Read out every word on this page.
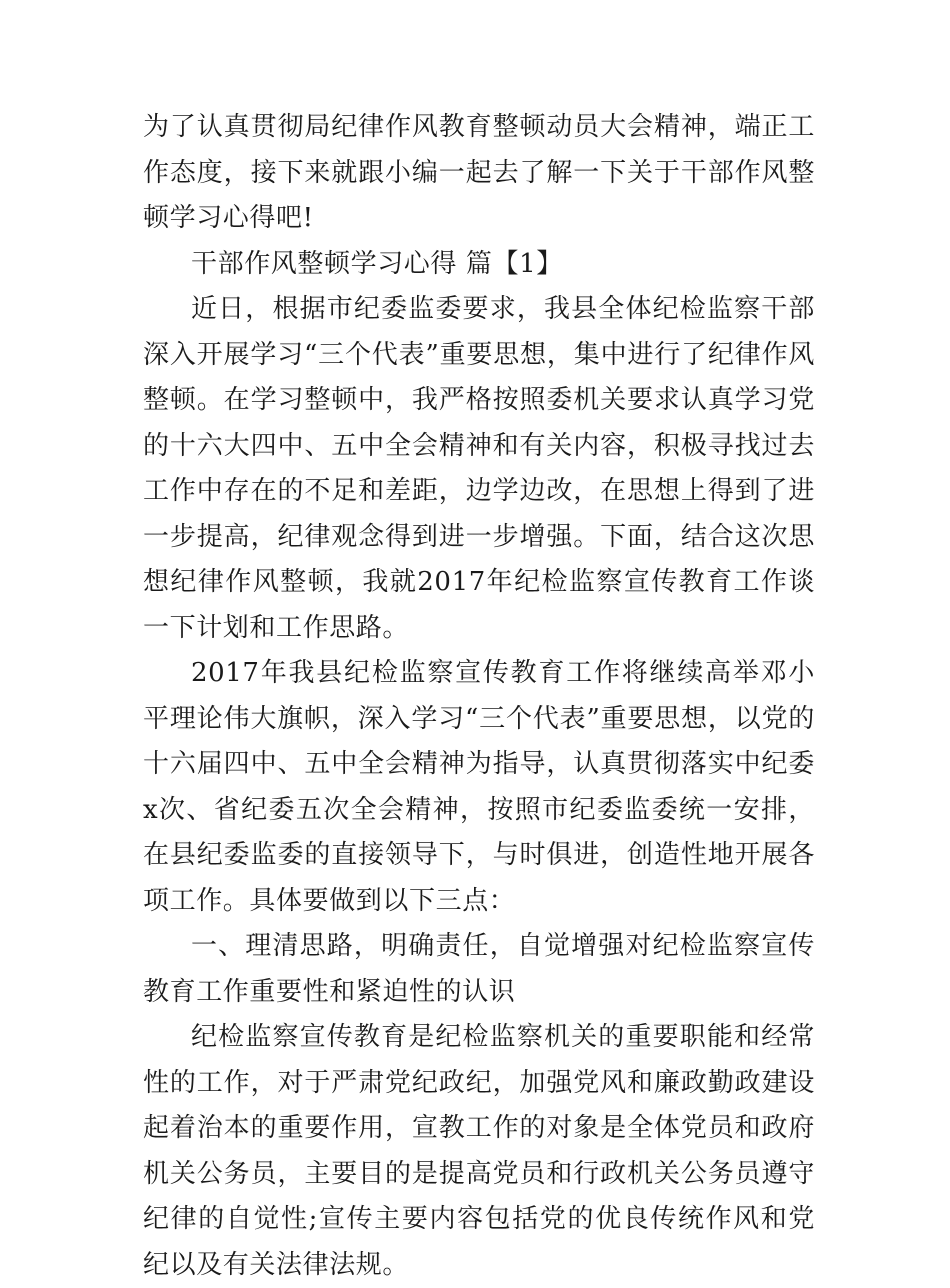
为了认真贯彻局纪律作风教育整顿动员大会精神，端正工作态度，接下来就跟小编一起去了解一下关于干部作风整顿学习心得吧!

干部作风整顿学习心得 篇【1】

近日，根据市纪委监委要求，我县全体纪检监察干部深入开展学习“三个代表”重要思想，集中进行了纪律作风整顿。在学习整顿中，我严格按照委机关要求认真学习党的十六大四中、五中全会精神和有关内容，积极寻找过去工作中存在的不足和差距，边学边改，在思想上得到了进一步提高，纪律观念得到进一步增强。下面，结合这次思想纪律作风整顿，我就2017年纪检监察宣传教育工作谈一下计划和工作思路。

2017年我县纪检监察宣传教育工作将继续高举邓小平理论伟大旗帜，深入学习“三个代表”重要思想，以党的十六届四中、五中全会精神为指导，认真贯彻落实中纪委x次、省纪委五次全会精神，按照市纪委监委统一安排，在县纪委监委的直接领导下，与时俱进，创造性地开展各项工作。具体要做到以下三点：

一、理清思路，明确责任，自觉增强对纪检监察宣传教育工作重要性和紧迫性的认识

纪检监察宣传教育是纪检监察机关的重要职能和经常性的工作，对于严肃党纪政纪，加强党风和廉政勤政建设起着治本的重要作用，宣教工作的对象是全体党员和政府机关公务员，主要目的是提高党员和行政机关公务员遵守纪律的自觉性;宣传主要内容包括党的优良传统作风和党纪以及有关法律法规。
